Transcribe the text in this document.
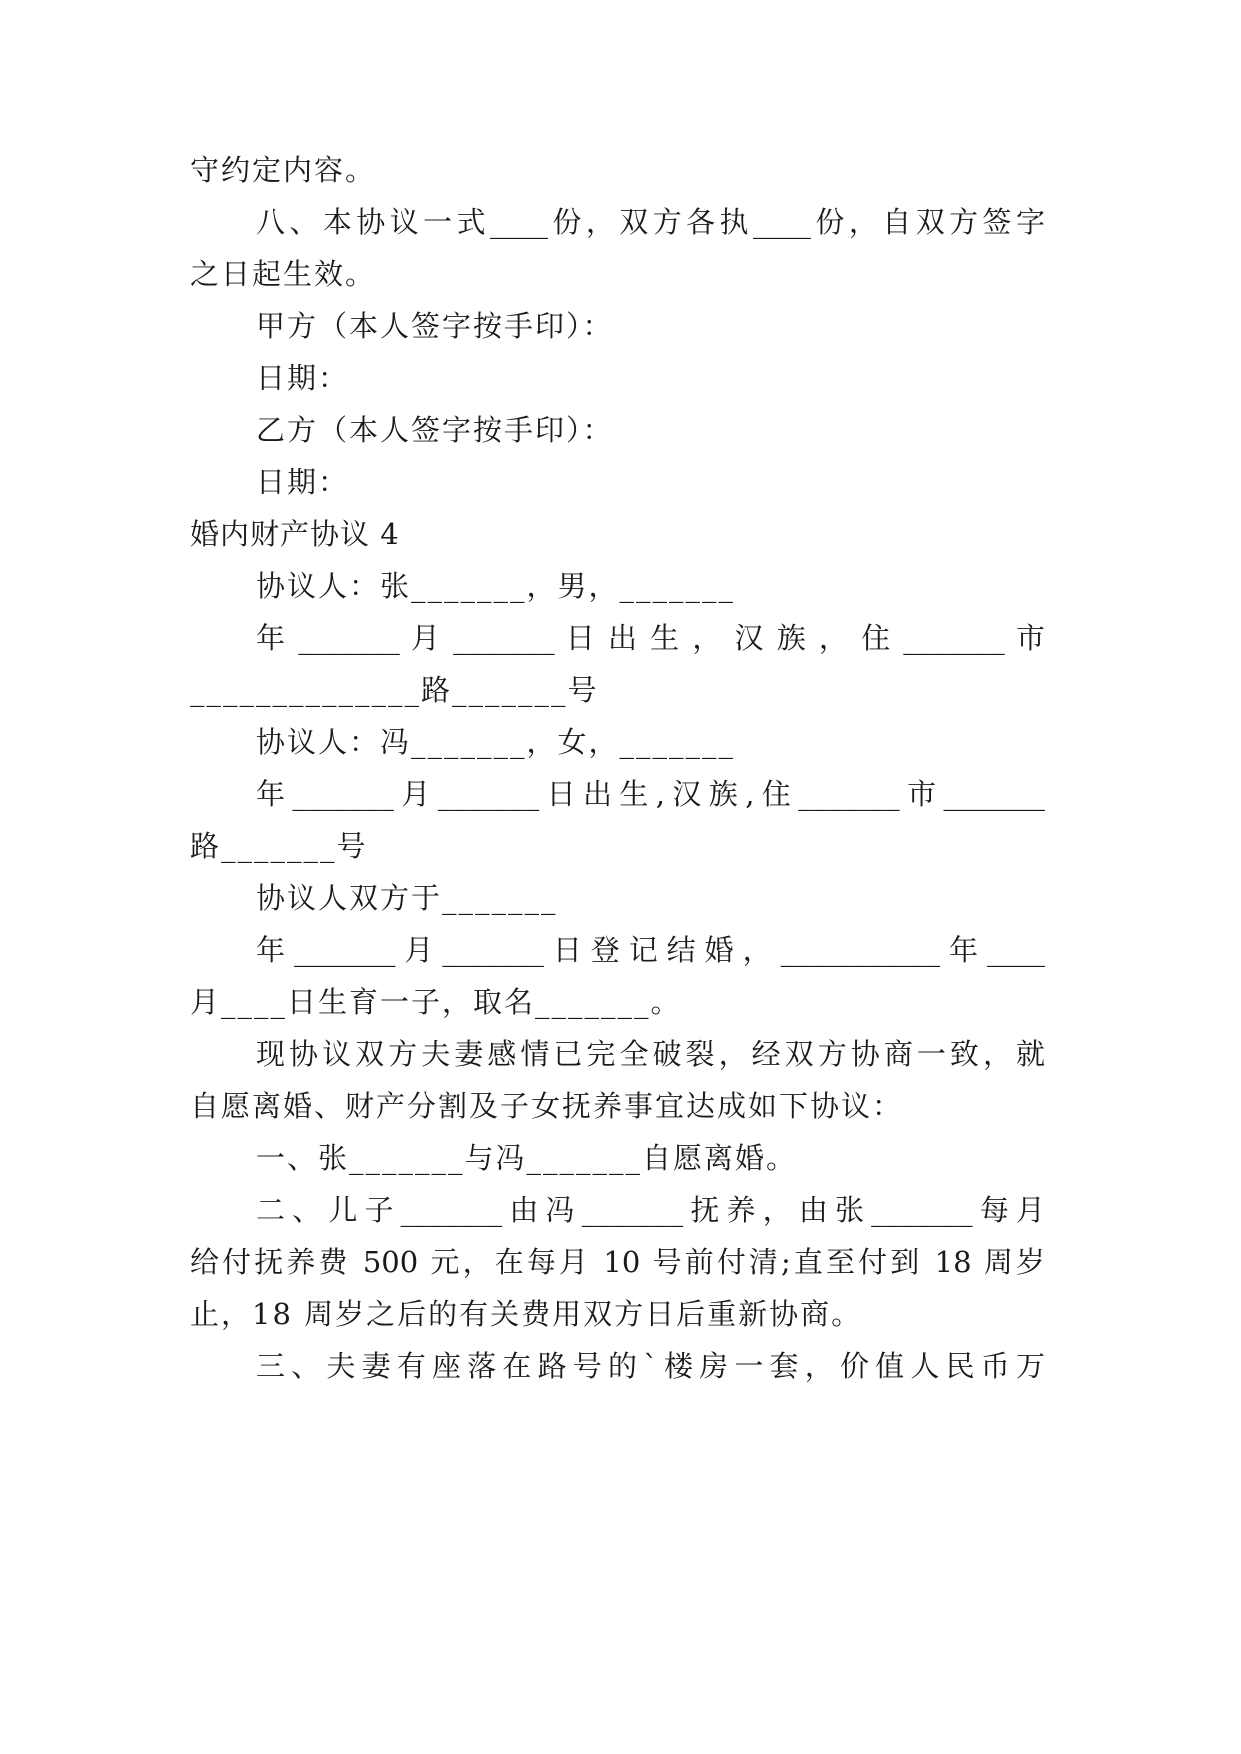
守约定内容。
八、本协议一式____份，双方各执____份，自双方签字
之日起生效。
甲方（本人签字按手印）：
日期：
乙方（本人签字按手印）：
日期：
婚内财产协议 4
协议人：张_______，男，_______
年 _______ 月 _______ 日 出 生 ， 汉 族 ， 住 _______ 市
______________路_______号
协议人：冯_______，女，_______
年_______月_______日出生,汉族,住_______市_______
路_______号
协议人双方于_______
年_______月_______日登记结婚，___________年____
月____日生育一子，取名_______。
现协议双方夫妻感情已完全破裂，经双方协商一致，就
自愿离婚、财产分割及子女抚养事宜达成如下协议：
一、张_______与冯_______自愿离婚。
二、儿子_______由冯_______抚养，由张_______每月
给付抚养费 500 元，在每月 10 号前付清;直至付到 18 周岁
止，18 周岁之后的有关费用双方日后重新协商。
三、夫妻有座落在路号的`楼房一套，价值人民币万
